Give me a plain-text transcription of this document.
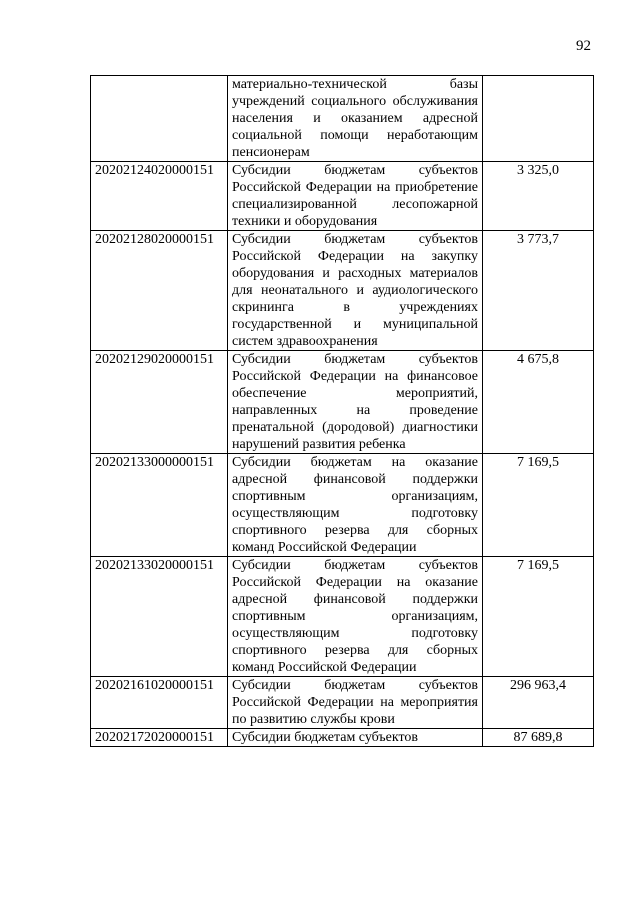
92
	материально-технической базы учреждений социального обслуживания населения и оказанием адресной социальной помощи неработающим пенсионерам	
20202124020000151	Субсидии бюджетам субъектов Российской Федерации на приобретение специализированной лесопожарной техники и оборудования	3 325,0
20202128020000151	Субсидии бюджетам субъектов Российской Федерации на закупку оборудования и расходных материалов для неонатального и аудиологического скрининга в учреждениях государственной и муниципальной систем здравоохранения	3 773,7
20202129020000151	Субсидии бюджетам субъектов Российской Федерации на финансовое обеспечение мероприятий, направленных на проведение пренатальной (дородовой) диагностики нарушений развития ребенка	4 675,8
20202133000000151	Субсидии бюджетам на оказание адресной финансовой поддержки спортивным организациям, осуществляющим подготовку спортивного резерва для сборных команд Российской Федерации	7 169,5
20202133020000151	Субсидии бюджетам субъектов Российской Федерации на оказание адресной финансовой поддержки спортивным организациям, осуществляющим подготовку спортивного резерва для сборных команд Российской Федерации	7 169,5
20202161020000151	Субсидии бюджетам субъектов Российской Федерации на мероприятия по развитию службы крови	296 963,4
20202172020000151	Субсидии бюджетам субъектов	87 689,8
